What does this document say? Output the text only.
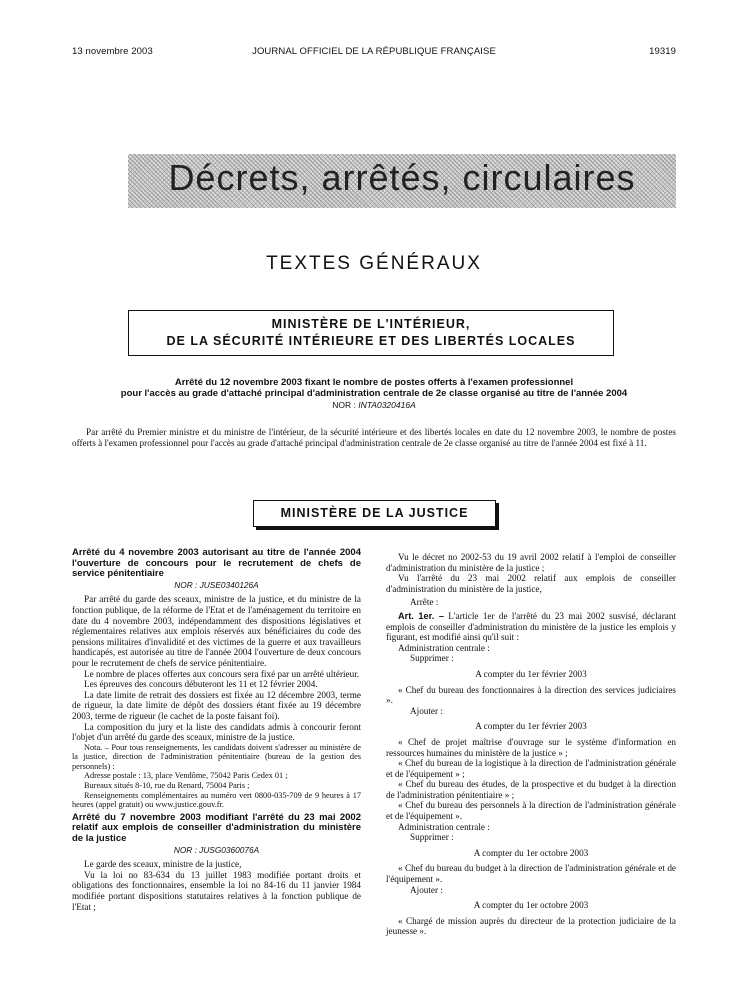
13 novembre 2003	JOURNAL OFFICIEL DE LA RÉPUBLIQUE FRANÇAISE	19319
Décrets, arrêtés, circulaires
TEXTES GÉNÉRAUX
MINISTÈRE DE L'INTÉRIEUR,
DE LA SÉCURITÉ INTÉRIEURE ET DES LIBERTÉS LOCALES
Arrêté du 12 novembre 2003 fixant le nombre de postes offerts à l'examen professionnel
pour l'accès au grade d'attaché principal d'administration centrale de 2e classe organisé au titre de l'année 2004
NOR : INTA0320416A
Par arrêté du Premier ministre et du ministre de l'intérieur, de la sécurité intérieure et des libertés locales en date du 12 novembre 2003, le nombre de postes offerts à l'examen professionnel pour l'accès au grade d'attaché principal d'administration centrale de 2e classe organisé au titre de l'année 2004 est fixé à 11.
MINISTÈRE DE LA JUSTICE

Arrêté du 4 novembre 2003 autorisant au titre de l'année 2004 l'ouverture de concours pour le recrutement de chefs de service pénitentiaire

NOR : JUSE0340126A

Par arrêté du garde des sceaux, ministre de la justice, et du ministre de la fonction publique, de la réforme de l'Etat et de l'aménagement du territoire en date du 4 novembre 2003, indépendamment des dispositions législatives et réglementaires relatives aux emplois réservés aux bénéficiaires du code des pensions militaires d'invalidité et des victimes de la guerre et aux travailleurs handicapés, est autorisée au titre de l'année 2004 l'ouverture de deux concours pour le recrutement de chefs de service pénitentiaire.

Le nombre de places offertes aux concours sera fixé par un arrêté ultérieur.

Les épreuves des concours débuteront les 11 et 12 février 2004.

La date limite de retrait des dossiers est fixée au 12 décembre 2003, terme de rigueur, la date limite de dépôt des dossiers étant fixée au 19 décembre 2003, terme de rigueur (le cachet de la poste faisant foi).

La composition du jury et la liste des candidats admis à concourir feront l'objet d'un arrêté du garde des sceaux, ministre de la justice.

Nota. – Pour tous renseignements, les candidats doivent s'adresser au ministère de la justice, direction de l'administration pénitentiaire (bureau de la gestion des personnels) :

Adresse postale : 13, place Vendôme, 75042 Paris Cedex 01 ;

Bureaux situés 8-10, rue du Renard, 75004 Paris ;

Renseignements complémentaires au numéro vert 0800-035-709 de 9 heures à 17 heures (appel gratuit) ou www.justice.gouv.fr.

Arrêté du 7 novembre 2003 modifiant l'arrêté du 23 mai 2002 relatif aux emplois de conseiller d'administration du ministère de la justice

NOR : JUSG0360076A

Le garde des sceaux, ministre de la justice,

Vu la loi no 83-634 du 13 juillet 1983 modifiée portant droits et obligations des fonctionnaires, ensemble la loi no 84-16 du 11 janvier 1984 modifiée portant dispositions statutaires relatives à la fonction publique de l'Etat ;

Vu le décret no 2002-53 du 19 avril 2002 relatif à l'emploi de conseiller d'administration du ministère de la justice ;

Vu l'arrêté du 23 mai 2002 relatif aux emplois de conseiller d'administration du ministère de la justice,

Arrête :

Art. 1er. – L'article 1er de l'arrêté du 23 mai 2002 susvisé, déclarant emplois de conseiller d'administration du ministère de la justice les emplois y figurant, est modifié ainsi qu'il suit :

Administration centrale :

Supprimer :

A compter du 1er février 2003

« Chef du bureau des fonctionnaires à la direction des services judiciaires ».

Ajouter :

A compter du 1er février 2003

« Chef de projet maîtrise d'ouvrage sur le système d'information en ressources humaines du ministère de la justice » ;

« Chef du bureau de la logistique à la direction de l'administration générale et de l'équipement » ;

« Chef du bureau des études, de la prospective et du budget à la direction de l'administration pénitentiaire » ;

« Chef du bureau des personnels à la direction de l'administration générale et de l'équipement ».

Administration centrale :

Supprimer :

A compter du 1er octobre 2003

« Chef du bureau du budget à la direction de l'administration générale et de l'équipement ».

Ajouter :

A compter du 1er octobre 2003

« Chargé de mission auprès du directeur de la protection judiciaire de la jeunesse ».
